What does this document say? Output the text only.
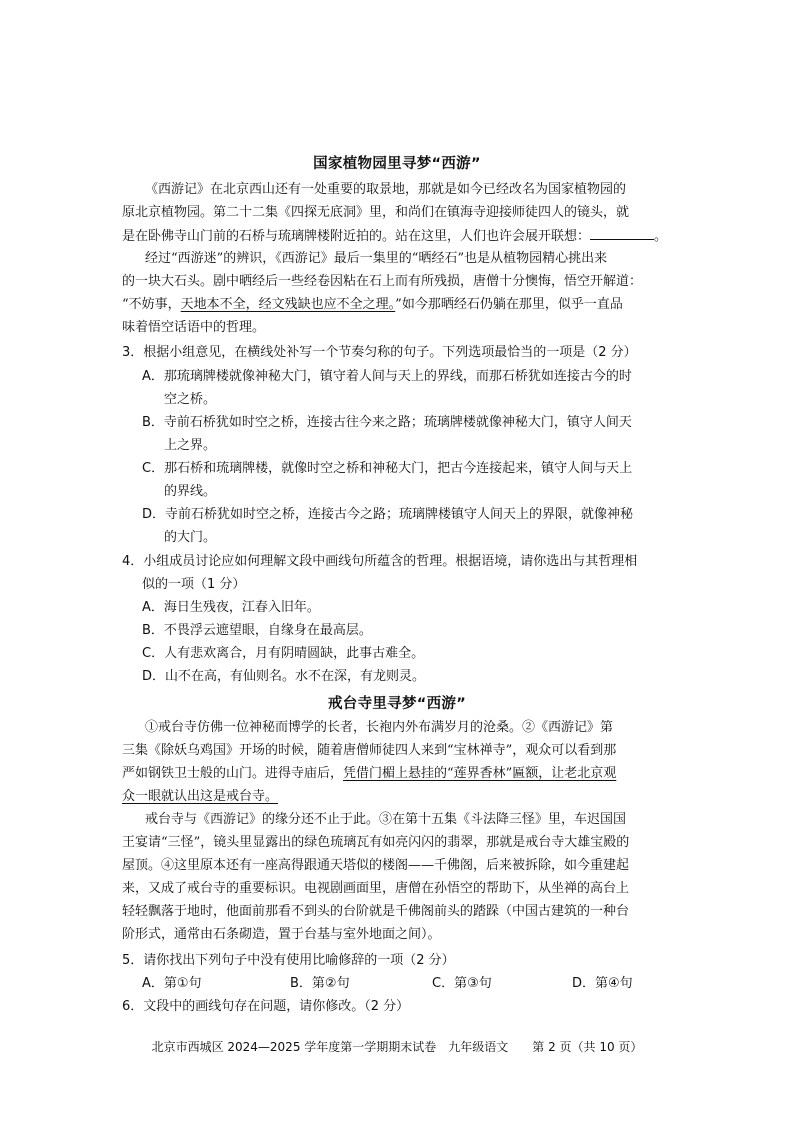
国家植物园里寻梦“西游”
《西游记》在北京西山还有一处重要的取景地，那就是如今已经改名为国家植物园的
原北京植物园。第二十二集《四探无底洞》里，和尚们在镇海寺迎接师徒四人的镜头，就
是在卧佛寺山门前的石桥与琉璃牌楼附近拍的。站在这里，人们也许会展开联想：	。
经过“西游迷”的辨识，《西游记》最后一集里的“晒经石”也是从植物园精心挑出来
的一块大石头。剧中晒经后一些经卷因粘在石上而有所残损，唐僧十分懊悔，悟空开解道：
“不妨事，天地本不全，经文残缺也应不全之理。”如今那晒经石仍躺在那里，似乎一直品
味着悟空话语中的哲理。
3．根据小组意见，在横线处补写一个节奏匀称的句子。下列选项最恰当的一项是（2 分）
A．那琉璃牌楼就像神秘大门，镇守着人间与天上的界线，而那石桥犹如连接古今的时
空之桥。
B．寺前石桥犹如时空之桥，连接古往今来之路；琉璃牌楼就像神秘大门，镇守人间天
上之界。
C．那石桥和琉璃牌楼，就像时空之桥和神秘大门，把古今连接起来，镇守人间与天上
的界线。
D．寺前石桥犹如时空之桥，连接古今之路；琉璃牌楼镇守人间天上的界限，就像神秘
的大门。
4．小组成员讨论应如何理解文段中画线句所蕴含的哲理。根据语境，请你选出与其哲理相
似的一项（1 分）
A．海日生残夜，江春入旧年。
B．不畏浮云遮望眼，自缘身在最高层。
C．人有悲欢离合，月有阴晴圆缺，此事古难全。
D．山不在高，有仙则名。水不在深，有龙则灵。
戒台寺里寻梦“西游”
①戒台寺仿佛一位神秘而博学的长者，长袍内外布满岁月的沧桑。②《西游记》第
三集《除妖乌鸡国》开场的时候，随着唐僧师徒四人来到“宝林禅寺”，观众可以看到那
严如钢铁卫士般的山门。进得寺庙后，凭借门楣上悬挂的“莲界香林”匾额，让老北京观
众一眼就认出这是戒台寺。
戒台寺与《西游记》的缘分还不止于此。③在第十五集《斗法降三怪》里，车迟国国
王宴请“三怪”，镜头里显露出的绿色琉璃瓦有如亮闪闪的翡翠，那就是戒台寺大雄宝殿的
屋顶。④这里原本还有一座高得跟通天塔似的楼阁——千佛阁，后来被拆除，如今重建起
来，又成了戒台寺的重要标识。电视剧画面里，唐僧在孙悟空的帮助下，从坐禅的高台上
轻轻飘落于地时，他面前那看不到头的台阶就是千佛阁前头的踏跺（中国古建筑的一种台
阶形式，通常由石条砌造，置于台基与室外地面之间）。
5．请你找出下列句子中没有使用比喻修辞的一项（2 分）
A．第①句	B．第②句	C．第③句	D．第④句
6．文段中的画线句存在问题，请你修改。（2 分）
北京市西城区 2024—2025 学年度第一学期期末试卷　九年级语文　　第 2 页（共 10 页）
